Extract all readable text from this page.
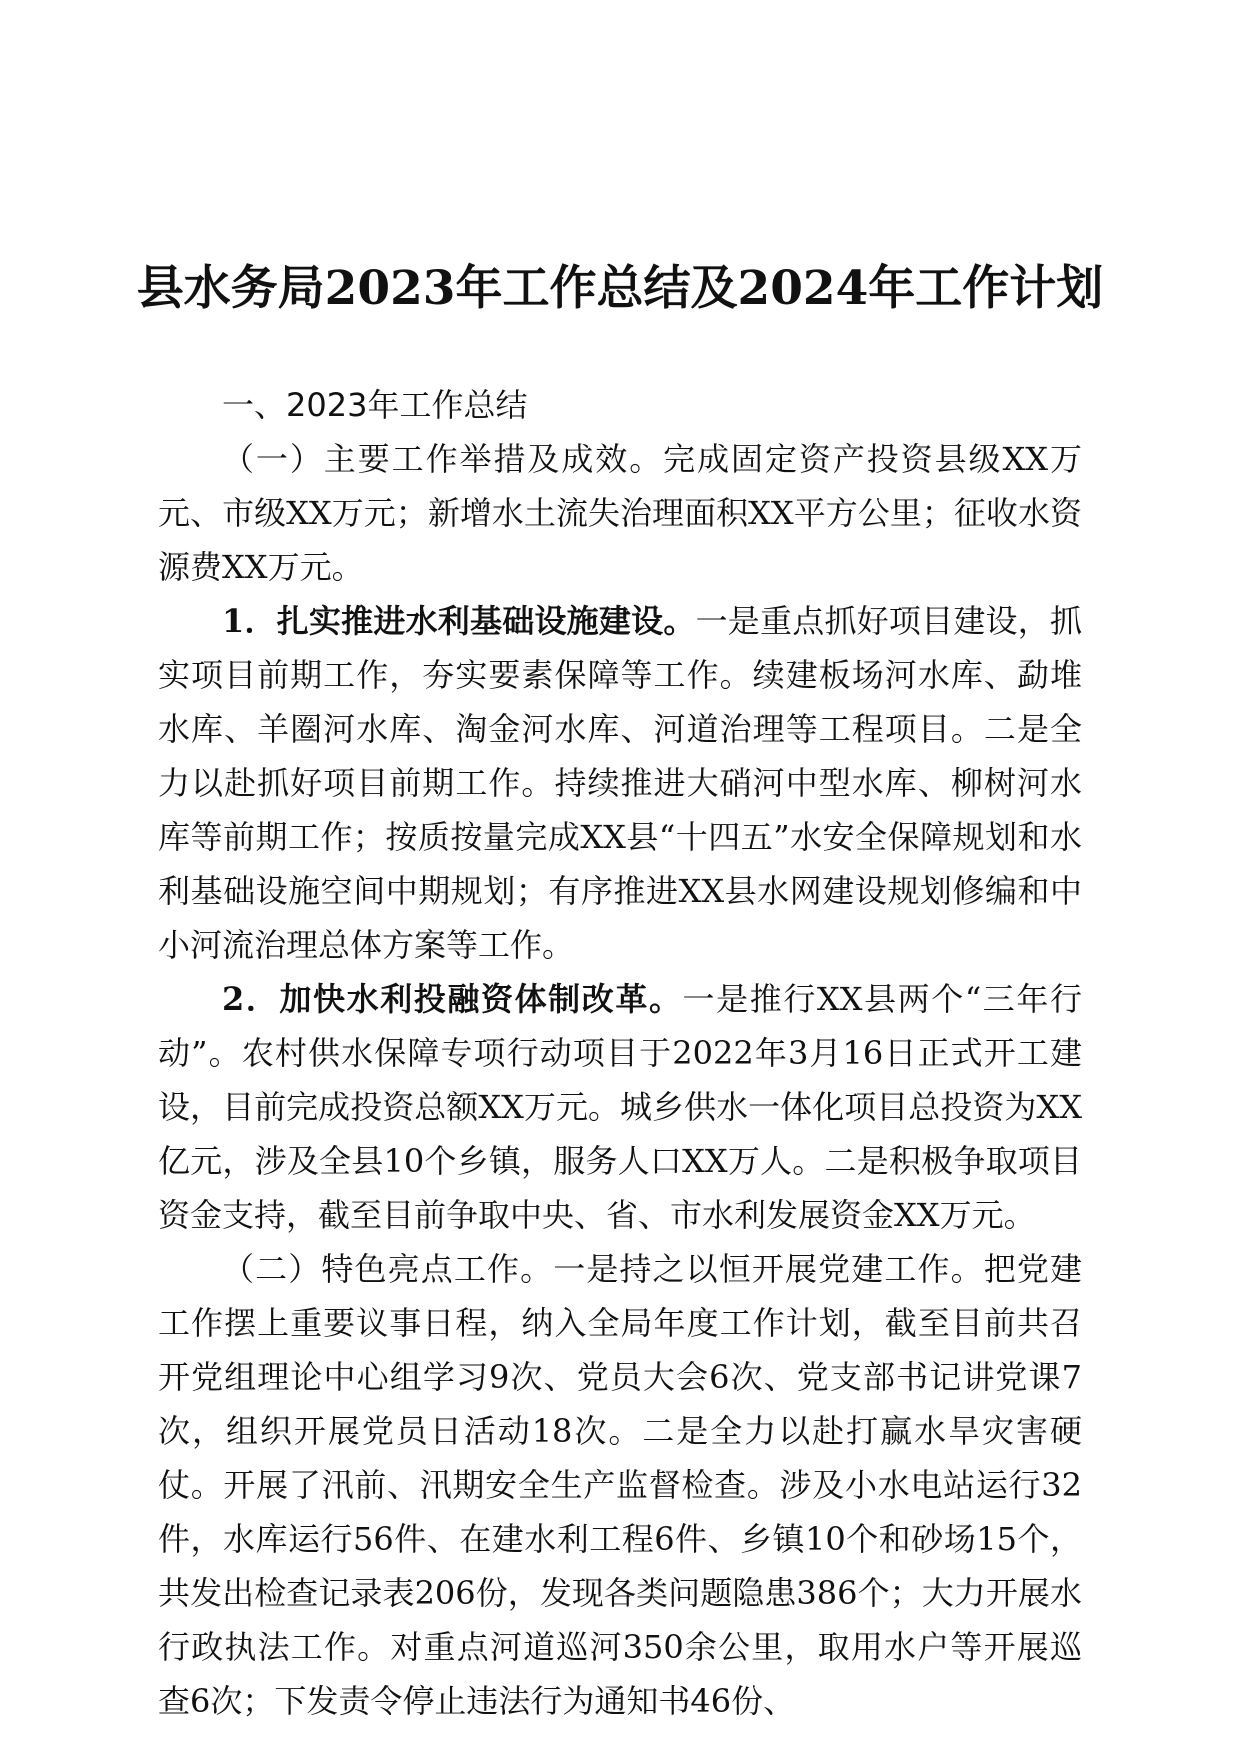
县水务局2023年工作总结及2024年工作计划

一、2023年工作总结

（一）主要工作举措及成效。完成固定资产投资县级XX万元、市级XX万元；新增水土流失治理面积XX平方公里；征收水资源费XX万元。

1．扎实推进水利基础设施建设。一是重点抓好项目建设，抓实项目前期工作，夯实要素保障等工作。续建板场河水库、勐堆水库、羊圈河水库、淘金河水库、河道治理等工程项目。二是全力以赴抓好项目前期工作。持续推进大硝河中型水库、柳树河水库等前期工作；按质按量完成XX县“十四五”水安全保障规划和水利基础设施空间中期规划；有序推进XX县水网建设规划修编和中小河流治理总体方案等工作。

2．加快水利投融资体制改革。一是推行XX县两个“三年行动”。农村供水保障专项行动项目于2022年3月16日正式开工建设，目前完成投资总额XX万元。城乡供水一体化项目总投资为XX亿元，涉及全县10个乡镇，服务人口XX万人。二是积极争取项目资金支持，截至目前争取中央、省、市水利发展资金XX万元。

（二）特色亮点工作。一是持之以恒开展党建工作。把党建工作摆上重要议事日程，纳入全局年度工作计划，截至目前共召开党组理论中心组学习9次、党员大会6次、党支部书记讲党课7次，组织开展党员日活动18次。二是全力以赴打赢水旱灾害硬仗。开展了汛前、汛期安全生产监督检查。涉及小水电站运行32件，水库运行56件、在建水利工程6件、乡镇10个和砂场15个，共发出检查记录表206份，发现各类问题隐患386个；大力开展水行政执法工作。对重点河道巡河350余公里，取用水户等开展巡查6次；下发责令停止违法行为通知书46份、
